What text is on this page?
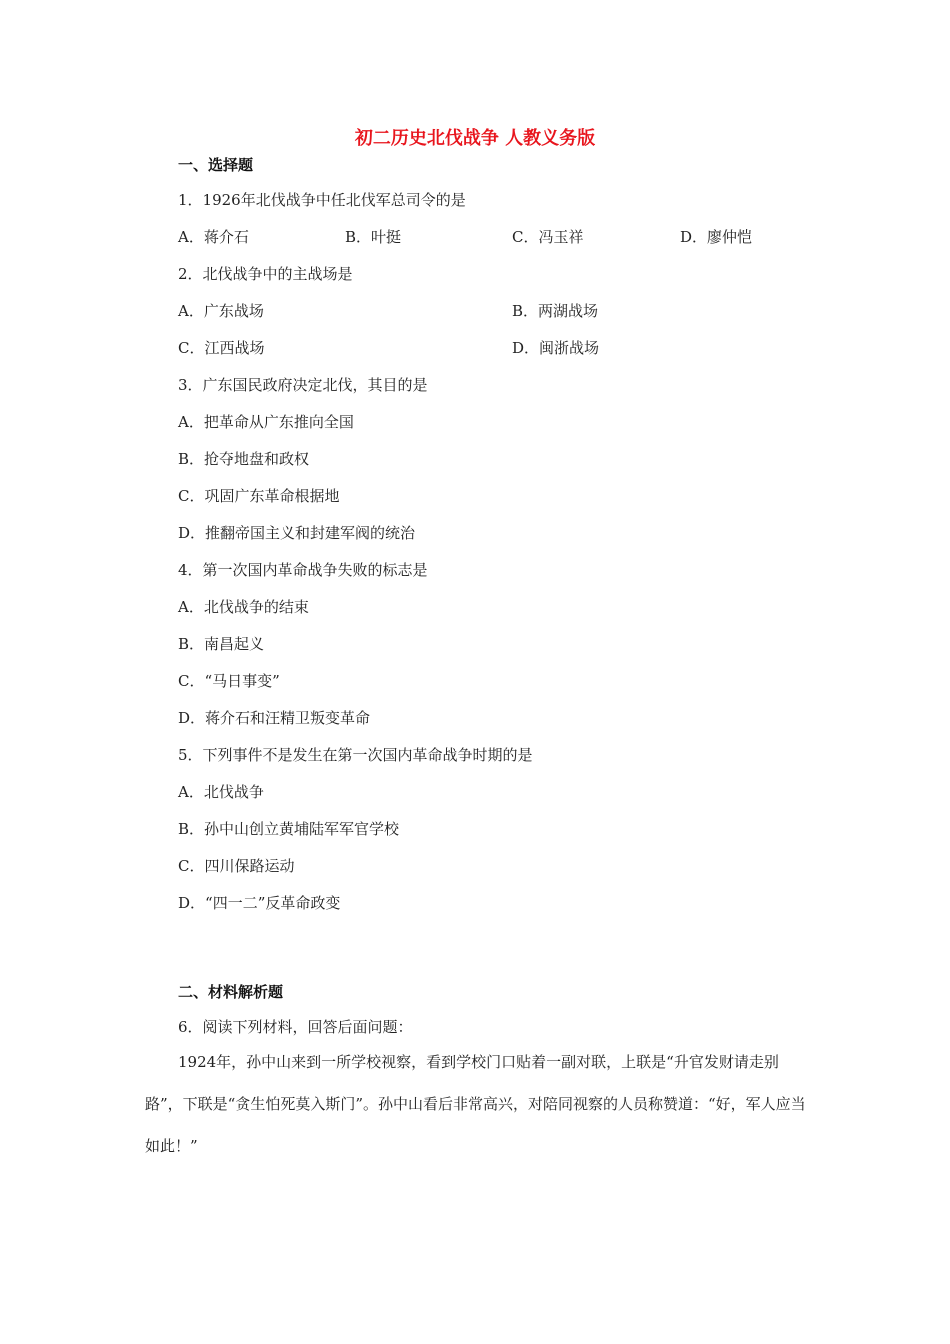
初二历史北伐战争 人教义务版
一、选择题
1．1926年北伐战争中任北伐军总司令的是
A．蒋介石	B．叶挺	C．冯玉祥	D．廖仲恺
2．北伐战争中的主战场是
A．广东战场	B．两湖战场
C．江西战场	D．闽浙战场
3．广东国民政府决定北伐，其目的是
A．把革命从广东推向全国
B．抢夺地盘和政权
C．巩固广东革命根据地
D．推翻帝国主义和封建军阀的统治
4．第一次国内革命战争失败的标志是
A．北伐战争的结束
B．南昌起义
C．“马日事变”
D．蒋介石和汪精卫叛变革命
5．下列事件不是发生在第一次国内革命战争时期的是
A．北伐战争
B．孙中山创立黄埔陆军军官学校
C．四川保路运动
D．“四一二”反革命政变
二、材料解析题
6．阅读下列材料，回答后面问题：
1924年，孙中山来到一所学校视察，看到学校门口贴着一副对联，上联是“升官发财请走别路”，下联是“贪生怕死莫入斯门”。孙中山看后非常高兴，对陪同视察的人员称赞道：“好，军人应当如此！”
